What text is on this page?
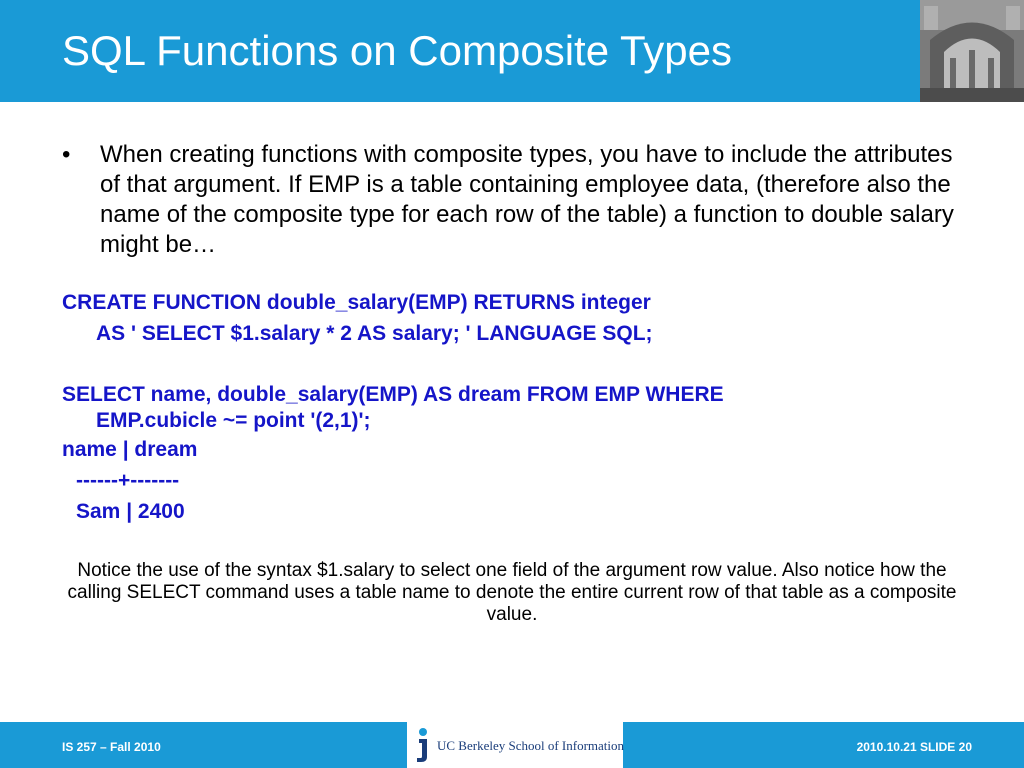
SQL Functions on Composite Types
• When creating functions with composite types, you have to include the attributes of that argument. If EMP is a table containing employee data, (therefore also the name of the composite type for each row of the table) a function to double salary might be…
CREATE FUNCTION double_salary(EMP) RETURNS integer
AS ' SELECT $1.salary * 2 AS salary; ' LANGUAGE SQL;
SELECT name, double_salary(EMP) AS dream FROM EMP WHERE
EMP.cubicle ~= point '(2,1)';
name | dream
------+-------
Sam | 2400
Notice the use of the syntax $1.salary to select one field of the argument row value. Also notice how the calling SELECT command uses a table name to denote the entire current row of that table as a composite value.
IS 257 – Fall 2010	UC Berkeley School of Information	2010.10.21 SLIDE 20
